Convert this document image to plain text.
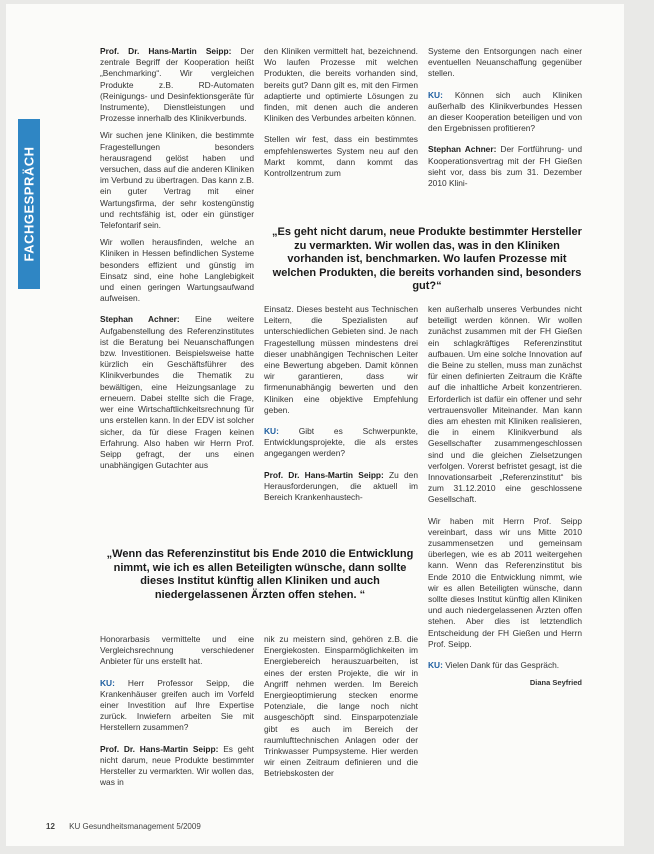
FACHGESPRÄCH

Prof. Dr. Hans-Martin Seipp: Der zentrale Begriff der Kooperation heißt „Benchmarking“. Wir vergleichen Produkte z.B. RD-Automaten (Reinigungs- und Desinfektionsgeräte für Instrumente), Dienstleistungen und Prozesse innerhalb des Klinikverbunds.

Wir suchen jene Kliniken, die bestimmte Fragestellungen besonders herausragend gelöst haben und versuchen, dass auf die anderen Kliniken im Verbund zu übertragen. Das kann z.B. ein guter Vertrag mit einer Wartungsfirma, der sehr kostengünstig und rechtsfähig ist, oder ein günstiger Telefontarif sein.

Wir wollen herausfinden, welche an Kliniken in Hessen befindlichen Systeme besonders effizient und günstig im Einsatz sind, eine hohe Langlebigkeit und einen geringen Wartungsaufwand aufweisen.

Stephan Achner: Eine weitere Aufgabenstellung des Referenzinstitutes ist die Beratung bei Neuanschaffungen bzw. Investitionen. Beispielsweise hatte kürzlich ein Geschäftsführer des Klinikverbundes die Thematik zu bewältigen, eine Heizungsanlage zu erneuern. Dabei stellte sich die Frage, wer eine Wirtschaftlichkeitsrechnung für uns erstellen kann. In der EDV ist solcher sicher, da für diese Fragen keinen Erfahrung. Also haben wir Herrn Prof. Seipp gefragt, der uns einen unabhängigen Gutachter aus

den Kliniken vermittelt hat, bezeichnend. Wo laufen Prozesse mit welchen Produkten, die bereits vorhanden sind, bereits gut? Dann gilt es, mit den Firmen adaptierte und optimierte Lösungen zu finden, mit denen auch die anderen Kliniken des Verbundes arbeiten können.

Stellen wir fest, dass ein bestimmtes empfehlenswertes System neu auf den Markt kommt, dann kommt das Kontrollzentrum zum

Systeme den Entsorgungen nach einer eventuellen Neuanschaffung gegenüber stellen.

KU: Können sich auch Kliniken außerhalb des Klinikverbundes Hessen an dieser Kooperation beteiligen und von den Ergebnissen profitieren?

Stephan Achner: Der Fortführung- und Kooperationsvertrag mit der FH Gießen sieht vor, dass bis zum 31. Dezember 2010 Klini-

„Es geht nicht darum, neue Produkte bestimmter Hersteller zu vermarkten. Wir wollen das, was in den Kliniken vorhanden ist, benchmarken. Wo laufen Prozesse mit welchen Produkten, die bereits vorhanden sind, besonders gut?“

Einsatz. Dieses besteht aus Technischen Leitern, die Spezialisten auf unterschiedlichen Gebieten sind. Je nach Fragestellung müssen mindestens drei dieser unabhängigen Technischen Leiter eine Bewertung abgeben. Damit können wir garantieren, dass wir firmenunabhängig bewerten und den Kliniken eine objektive Empfehlung geben.

KU: Gibt es Schwerpunkte, Entwicklungsprojekte, die als erstes angegangen werden?

Prof. Dr. Hans-Martin Seipp: Zu den Herausforderungen, die aktuell im Bereich Krankenhaustech-

ken außerhalb unseres Verbundes nicht beteiligt werden können. Wir wollen zunächst zusammen mit der FH Gießen ein schlagkräftiges Referenzinstitut aufbauen. Um eine solche Innovation auf die Beine zu stellen, muss man zunächst für einen definierten Zeitraum die Kräfte auf die inhaltliche Arbeit konzentrieren. Erforderlich ist dafür ein offener und sehr vertrauensvoller Miteinander. Man kann dies am ehesten mit Kliniken realisieren, die in einem Klinikverbund als Gesellschafter zusammengeschlossen sind und die gleichen Zielsetzungen verfolgen. Vorerst befristet gesagt, ist die Innovationsarbeit „Referenzinstitut“ bis zum 31.12.2010 eine geschlossene Gesellschaft.

Wir haben mit Herrn Prof. Seipp vereinbart, dass wir uns Mitte 2010 zusammensetzen und gemeinsam überlegen, wie es ab 2011 weitergehen kann. Wenn das Referenzinstitut bis Ende 2010 die Entwicklung nimmt, wie wir es allen Beteiligten wünsche, dann sollte dieses Institut künftig allen Kliniken und auch niedergelassenen Ärzten offen stehen. Aber dies ist letztendlich Entscheidung der FH Gießen und Herrn Prof. Seipp.

KU: Vielen Dank für das Gespräch.

Diana Seyfried

„Wenn das Referenzinstitut bis Ende 2010 die Entwicklung nimmt, wie ich es allen Beteiligten wünsche, dann sollte dieses Institut künftig allen Kliniken und auch niedergelassenen Ärzten offen stehen. “

Honorarbasis vermittelte und eine Vergleichsrechnung verschiedener Anbieter für uns erstellt hat.

KU: Herr Professor Seipp, die Krankenhäuser greifen auch im Vorfeld einer Investition auf Ihre Expertise zurück. Inwiefern arbeiten Sie mit Herstellern zusammen?

Prof. Dr. Hans-Martin Seipp: Es geht nicht darum, neue Produkte bestimmter Hersteller zu vermarkten. Wir wollen das, was in

nik zu meistern sind, gehören z.B. die Energiekosten. Einsparmöglichkeiten im Energiebereich herauszuarbeiten, ist eines der ersten Projekte, die wir in Angriff nehmen werden. Im Bereich Energieoptimierung stecken enorme Potenziale, die lange noch nicht ausgeschöpft sind. Einsparpotenziale gibt es auch im Bereich der raumlufttechnischen Anlagen oder der Trinkwasser Pumpsysteme. Hier werden wir einen Zeitraum definieren und die Betriebskosten der

12 KU Gesundheitsmanagement 5/2009
